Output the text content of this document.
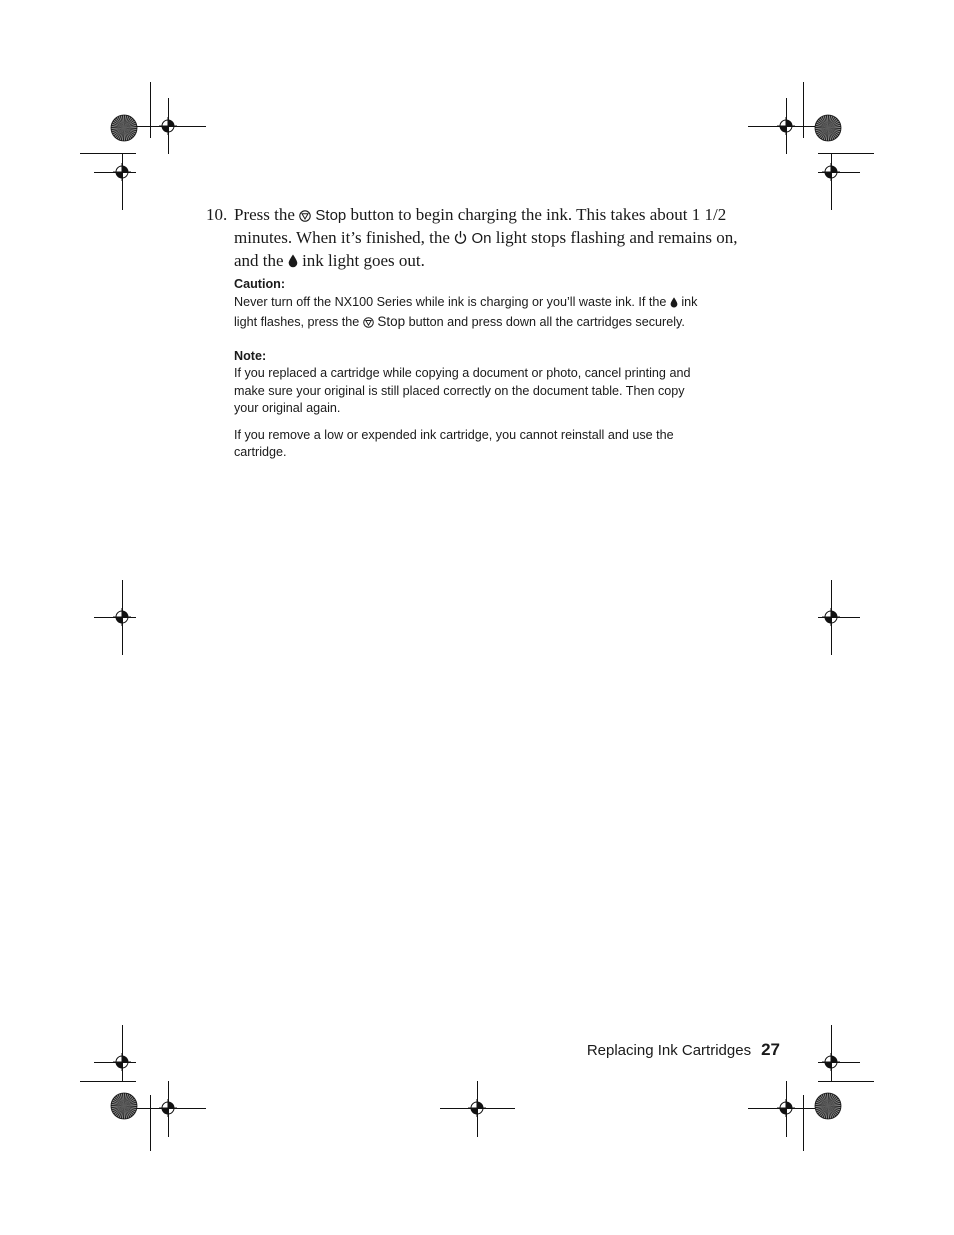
10. Press the  Stop button to begin charging the ink. This takes about 1 1/2
minutes. When it’s finished, the  On light stops flashing and remains on,
and the  ink light goes out.
Caution:
Never turn off the NX100 Series while ink is charging or you’ll waste ink. If the  ink
light flashes, press the  Stop button and press down all the cartridges securely.
Note:
If you replaced a cartridge while copying a document or photo, cancel printing and
make sure your original is still placed correctly on the document table. Then copy
your original again.
If you remove a low or expended ink cartridge, you cannot reinstall and use the
cartridge.
Replacing Ink Cartridges 27
